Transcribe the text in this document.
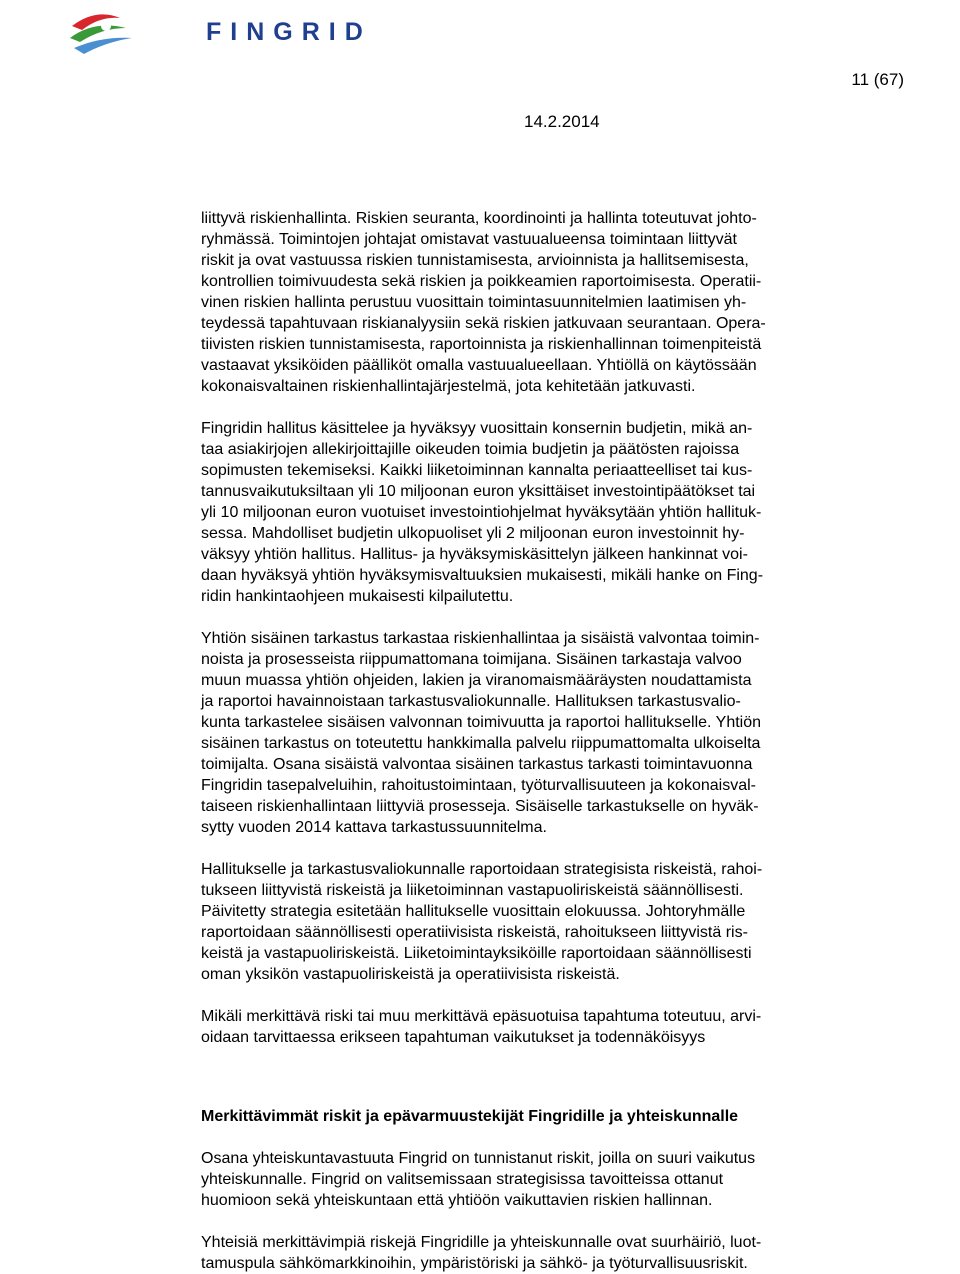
FINGRID
11 (67)
14.2.2014

liittyvä riskienhallinta. Riskien seuranta, koordinointi ja hallinta toteutuvat johto-
ryhmässä. Toimintojen johtajat omistavat vastuualueensa toimintaan liittyvät
riskit ja ovat vastuussa riskien tunnistamisesta, arvioinnista ja hallitsemisesta,
kontrollien toimivuudesta sekä riskien ja poikkeamien raportoimisesta. Operatii-
vinen riskien hallinta perustuu vuosittain toimintasuunnitelmien laatimisen yh-
teydessä tapahtuvaan riskianalyysiin sekä riskien jatkuvaan seurantaan. Opera-
tiivisten riskien tunnistamisesta, raportoinnista ja riskienhallinnan toimenpiteistä
vastaavat yksiköiden päälliköt omalla vastuualueellaan. Yhtiöllä on käytössään
kokonaisvaltainen riskienhallintajärjestelmä, jota kehitetään jatkuvasti.

Fingridin hallitus käsittelee ja hyväksyy vuosittain konsernin budjetin, mikä an-
taa asiakirjojen allekirjoittajille oikeuden toimia budjetin ja päätösten rajoissa
sopimusten tekemiseksi. Kaikki liiketoiminnan kannalta periaatteelliset tai kus-
tannusvaikutuksiltaan yli 10 miljoonan euron yksittäiset investointipäätökset tai
yli 10 miljoonan euron vuotuiset investointiohjelmat hyväksytään yhtiön hallituk-
sessa. Mahdolliset budjetin ulkopuoliset yli 2 miljoonan euron investoinnit hy-
väksyy yhtiön hallitus. Hallitus- ja hyväksymiskäsittelyn jälkeen hankinnat voi-
daan hyväksyä yhtiön hyväksymisvaltuuksien mukaisesti, mikäli hanke on Fing-
ridin hankintaohjeen mukaisesti kilpailutettu.

Yhtiön sisäinen tarkastus tarkastaa riskienhallintaa ja sisäistä valvontaa toimin-
noista ja prosesseista riippumattomana toimijana. Sisäinen tarkastaja valvoo
muun muassa yhtiön ohjeiden, lakien ja viranomaismääräysten noudattamista
ja raportoi havainnoistaan tarkastusvaliokunnalle. Hallituksen tarkastusvalio-
kunta tarkastelee sisäisen valvonnan toimivuutta ja raportoi hallitukselle. Yhtiön
sisäinen tarkastus on toteutettu hankkimalla palvelu riippumattomalta ulkoiselta
toimijalta. Osana sisäistä valvontaa sisäinen tarkastus tarkasti toimintavuonna
Fingridin tasepalveluihin, rahoitustoimintaan, työturvallisuuteen ja kokonaisval-
taiseen riskienhallintaan liittyviä prosesseja. Sisäiselle tarkastukselle on hyväk-
sytty vuoden 2014 kattava tarkastussuunnitelma.

Hallitukselle ja tarkastusvaliokunnalle raportoidaan strategisista riskeistä, rahoi-
tukseen liittyvistä riskeistä ja liiketoiminnan vastapuoliriskeistä säännöllisesti.
Päivitetty strategia esitetään hallitukselle vuosittain elokuussa. Johtoryhmälle
raportoidaan säännöllisesti operatiivisista riskeistä, rahoitukseen liittyvistä ris-
keistä ja vastapuoliriskeistä. Liiketoimintayksiköille raportoidaan säännöllisesti
oman yksikön vastapuoliriskeistä ja operatiivisista riskeistä.

Mikäli merkittävä riski tai muu merkittävä epäsuotuisa tapahtuma toteutuu, arvi-
oidaan tarvittaessa erikseen tapahtuman vaikutukset ja todennäköisyys

Merkittävimmät riskit ja epävarmuustekijät Fingridille ja yhteiskunnalle

Osana yhteiskuntavastuuta Fingrid on tunnistanut riskit, joilla on suuri vaikutus
yhteiskunnalle. Fingrid on valitsemissaan strategisissa tavoitteissa ottanut
huomioon sekä yhteiskuntaan että yhtiöön vaikuttavien riskien hallinnan.

Yhteisiä merkittävimpiä riskejä Fingridille ja yhteiskunnalle ovat suurhäiriö, luot-
tamuspula sähkömarkkinoihin, ympäristöriski ja sähkö- ja työturvallisuusriskit.
